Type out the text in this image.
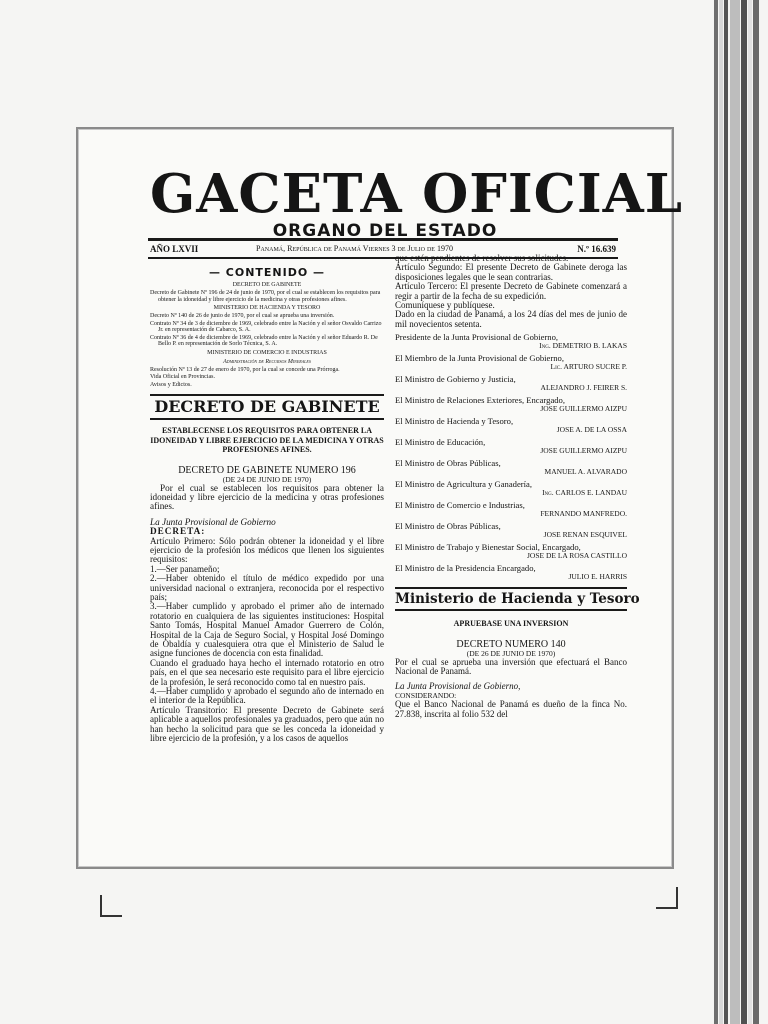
GACETA OFICIAL
ORGANO DEL ESTADO
AÑO LXVII	Panamá, República de Panamá Viernes 3 de Julio de 1970	N.º 16.639
— CONTENIDO —
DECRETO DE GABINETE
Decreto de Gabinete Nº 196 de 24 de junio de 1970, por el cual se establecen los requisitos para obtener la idoneidad y libre ejercicio de la medicina y otras profesiones afines.
MINISTERIO DE HACIENDA Y TESORO
Decreto Nº 140 de 26 de junio de 1970, por el cual se aprueba una inversión.
Contrato Nº 34 de 3 de diciembre de 1969, celebrado entre la Nación y el señor Osvaldo Carrizo Jr. en representación de Cabarco, S. A.
Contrato Nº 36 de 4 de diciembre de 1969, celebrado entre la Nación y el señor Eduardo R. De Bello P. en representación de Sorlo Técnica, S. A.
MINISTERIO DE COMERCIO E INDUSTRIAS
Administración de Recursos Minerales
Resolución Nº 13 de 27 de enero de 1970, por la cual se concede una Prórroga.
Vida Oficial en Provincias.
Avisos y Edictos.
DECRETO DE GABINETE
ESTABLECENSE LOS REQUISITOS PARA OBTENER LA IDONEIDAD Y LIBRE EJERCICIO DE LA MEDICINA Y OTRAS PROFESIONES AFINES.
DECRETO DE GABINETE NUMERO 196
(DE 24 DE JUNIO DE 1970)
Por el cual se establecen los requisitos para obtener la idoneidad y libre ejercicio de la medicina y otras profesiones afines.
La Junta Provisional de Gobierno
DECRETA:
Artículo Primero: Sólo podrán obtener la idoneidad y el libre ejercicio de la profesión los médicos que llenen los siguientes requisitos:
1.—Ser panameño;
2.—Haber obtenido el título de médico expedido por una universidad nacional o extranjera, reconocida por el respectivo país;
3.—Haber cumplido y aprobado el primer año de internado rotatorio en cualquiera de las siguientes instituciones: Hospital Santo Tomás, Hospital Manuel Amador Guerrero de Colón, Hospital de la Caja de Seguro Social, y Hospital José Domingo de Obaldía y cualesquiera otra que el Ministerio de Salud le asigne funciones de docencia con esta finalidad.
Cuando el graduado haya hecho el internado rotatorio en otro país, en el que sea necesario este requisito para el libre ejercicio de la profesión, le será reconocido como tal en nuestro país.
4.—Haber cumplido y aprobado el segundo año de internado en el interior de la República.
Artículo Transitorio: El presente Decreto de Gabinete será aplicable a aquellos profesionales ya graduados, pero que aún no han hecho la solicitud para que se les conceda la idoneidad y libre ejercicio de la profesión, y a los casos de aquellos
que estén pendientes de resolver sus solicitudes.
Artículo Segundo: El presente Decreto de Gabinete deroga las disposiciones legales que le sean contrarias.
Artículo Tercero: El presente Decreto de Gabinete comenzará a regir a partir de la fecha de su expedición.
Comuníquese y publíquese.
Dado en la ciudad de Panamá, a los 24 días del mes de junio de mil novecientos setenta.
Presidente de la Junta Provisional de Gobierno,
Ing. DEMETRIO B. LAKAS
El Miembro de la Junta Provisional de Gobierno,
Lic. ARTURO SUCRE P.
El Ministro de Gobierno y Justicia,
ALEJANDRO J. FEIRER S.
El Ministro de Relaciones Exteriores, Encargado,
JOSE GUILLERMO AIZPU
El Ministro de Hacienda y Tesoro,
JOSE A. DE LA OSSA
El Ministro de Educación,
JOSE GUILLERMO AIZPU
El Ministro de Obras Públicas,
MANUEL A. ALVARADO
El Ministro de Agricultura y Ganadería,
Ing. CARLOS E. LANDAU
El Ministro de Comercio e Industrias,
FERNANDO MANFREDO.
El Ministro de Obras Públicas,
JOSE RENAN ESQUIVEL
El Ministro de Trabajo y Bienestar Social, Encargado,
JOSE DE LA ROSA CASTILLO
El Ministro de la Presidencia Encargado,
JULIO E. HARRIS
Ministerio de Hacienda y Tesoro
APRUEBASE UNA INVERSION
DECRETO NUMERO 140
(DE 26 DE JUNIO DE 1970)
Por el cual se aprueba una inversión que efectuará el Banco Nacional de Panamá.
La Junta Provisional de Gobierno,
CONSIDERANDO:
Que el Banco Nacional de Panamá es dueño de la finca No. 27.838, inscrita al folio 532 del
